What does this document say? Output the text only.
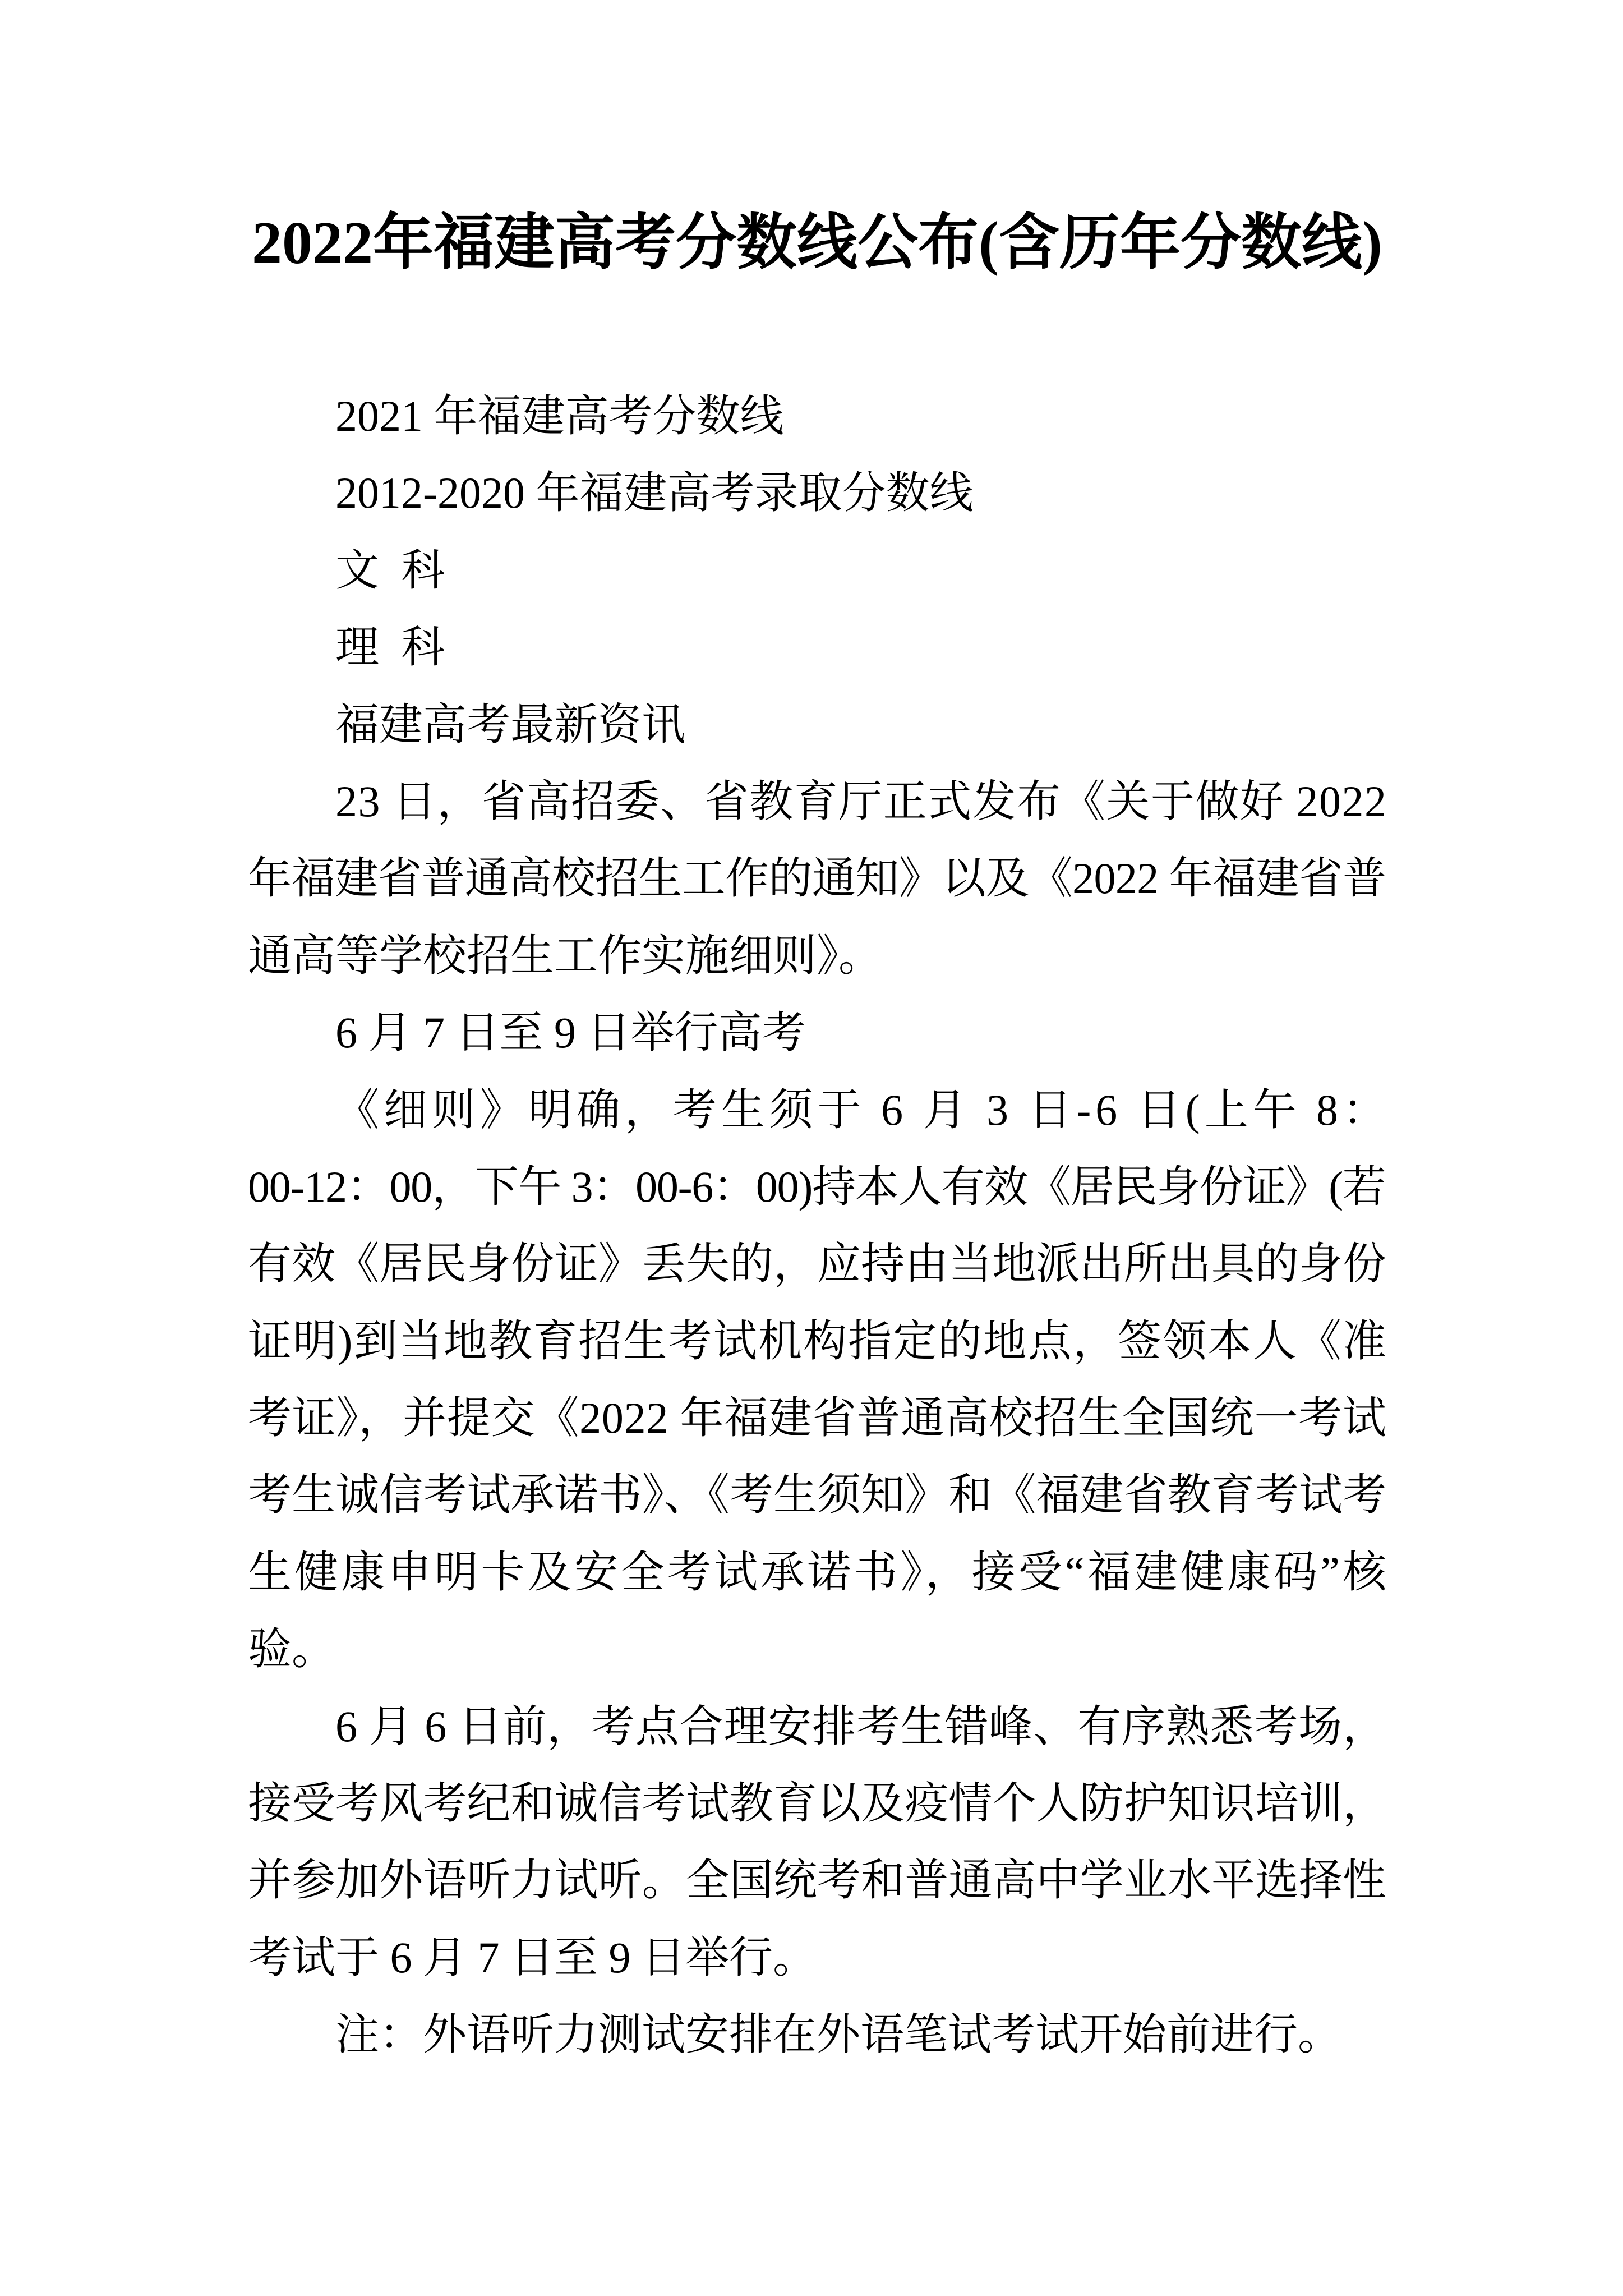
2022年福建高考分数线公布(含历年分数线)
2021 年福建高考分数线
2012-2020 年福建高考录取分数线
文 科
理 科
福建高考最新资讯
23 日，省高招委、省教育厅正式发布《关于做好 2022
年福建省普通高校招生工作的通知》以及《2022 年福建省普
通高等学校招生工作实施细则》。
6 月 7 日至 9 日举行高考
《细则》明确，考生须于 6 月 3 日-6 日(上午 8：
00-12：00，下午 3：00-6：00)持本人有效《居民身份证》(若
有效《居民身份证》丢失的，应持由当地派出所出具的身份
证明)到当地教育招生考试机构指定的地点，签领本人《准
考证》，并提交《2022 年福建省普通高校招生全国统一考试
考生诚信考试承诺书》、《考生须知》和《福建省教育考试考
生健康申明卡及安全考试承诺书》，接受“福建健康码”核
验。
6 月 6 日前，考点合理安排考生错峰、有序熟悉考场，
接受考风考纪和诚信考试教育以及疫情个人防护知识培训，
并参加外语听力试听。全国统考和普通高中学业水平选择性
考试于 6 月 7 日至 9 日举行。
注：外语听力测试安排在外语笔试考试开始前进行。
